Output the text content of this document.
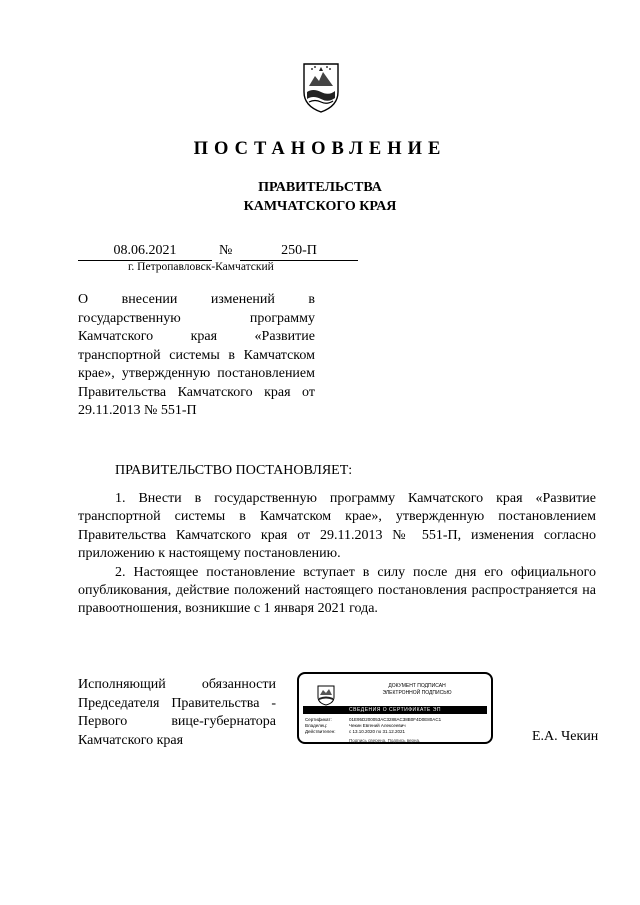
ПОСТАНОВЛЕНИЕ
ПРАВИТЕЛЬСТВА
КАМЧАТСКОГО КРАЯ
08.06.2021	№	250-П
г. Петропавловск-Камчатский
О внесении изменений в государственную программу Камчатского края «Развитие транспортной системы в Камчатском крае», утвержденную постановлением Правительства Камчатского края от 29.11.2013 № 551-П
ПРАВИТЕЛЬСТВО ПОСТАНОВЛЯЕТ:

1. Внести в государственную программу Камчатского края «Развитие транспортной системы в Камчатском крае», утвержденную постановлением Правительства Камчатского края от 29.11.2013 № 551-П, изменения согласно приложению к настоящему постановлению.

2. Настоящее постановление вступает в силу после дня его официального опубликования, действие положений настоящего постановления распространяется на правоотношения, возникшие с 1 января 2021 года.

Исполняющий обязанности
Председателя Правительства -
Первого вице-губернатора
Камчатского края
ДОКУМЕНТ ПОДПИСАН
ЭЛЕКТРОННОЙ ПОДПИСЬЮ
СВЕДЕНИЯ О СЕРТИФИКАТЕ ЭП
Сертификат:	01E95D200053AC3288AC38B0F4D0E80AC1
Владелец:	Чекин Евгений Алексеевич
Действителен:	с 13.10.2020 по 31.12.2021
Подпись сверена. Подпись верна.	Е.А. Чекин
